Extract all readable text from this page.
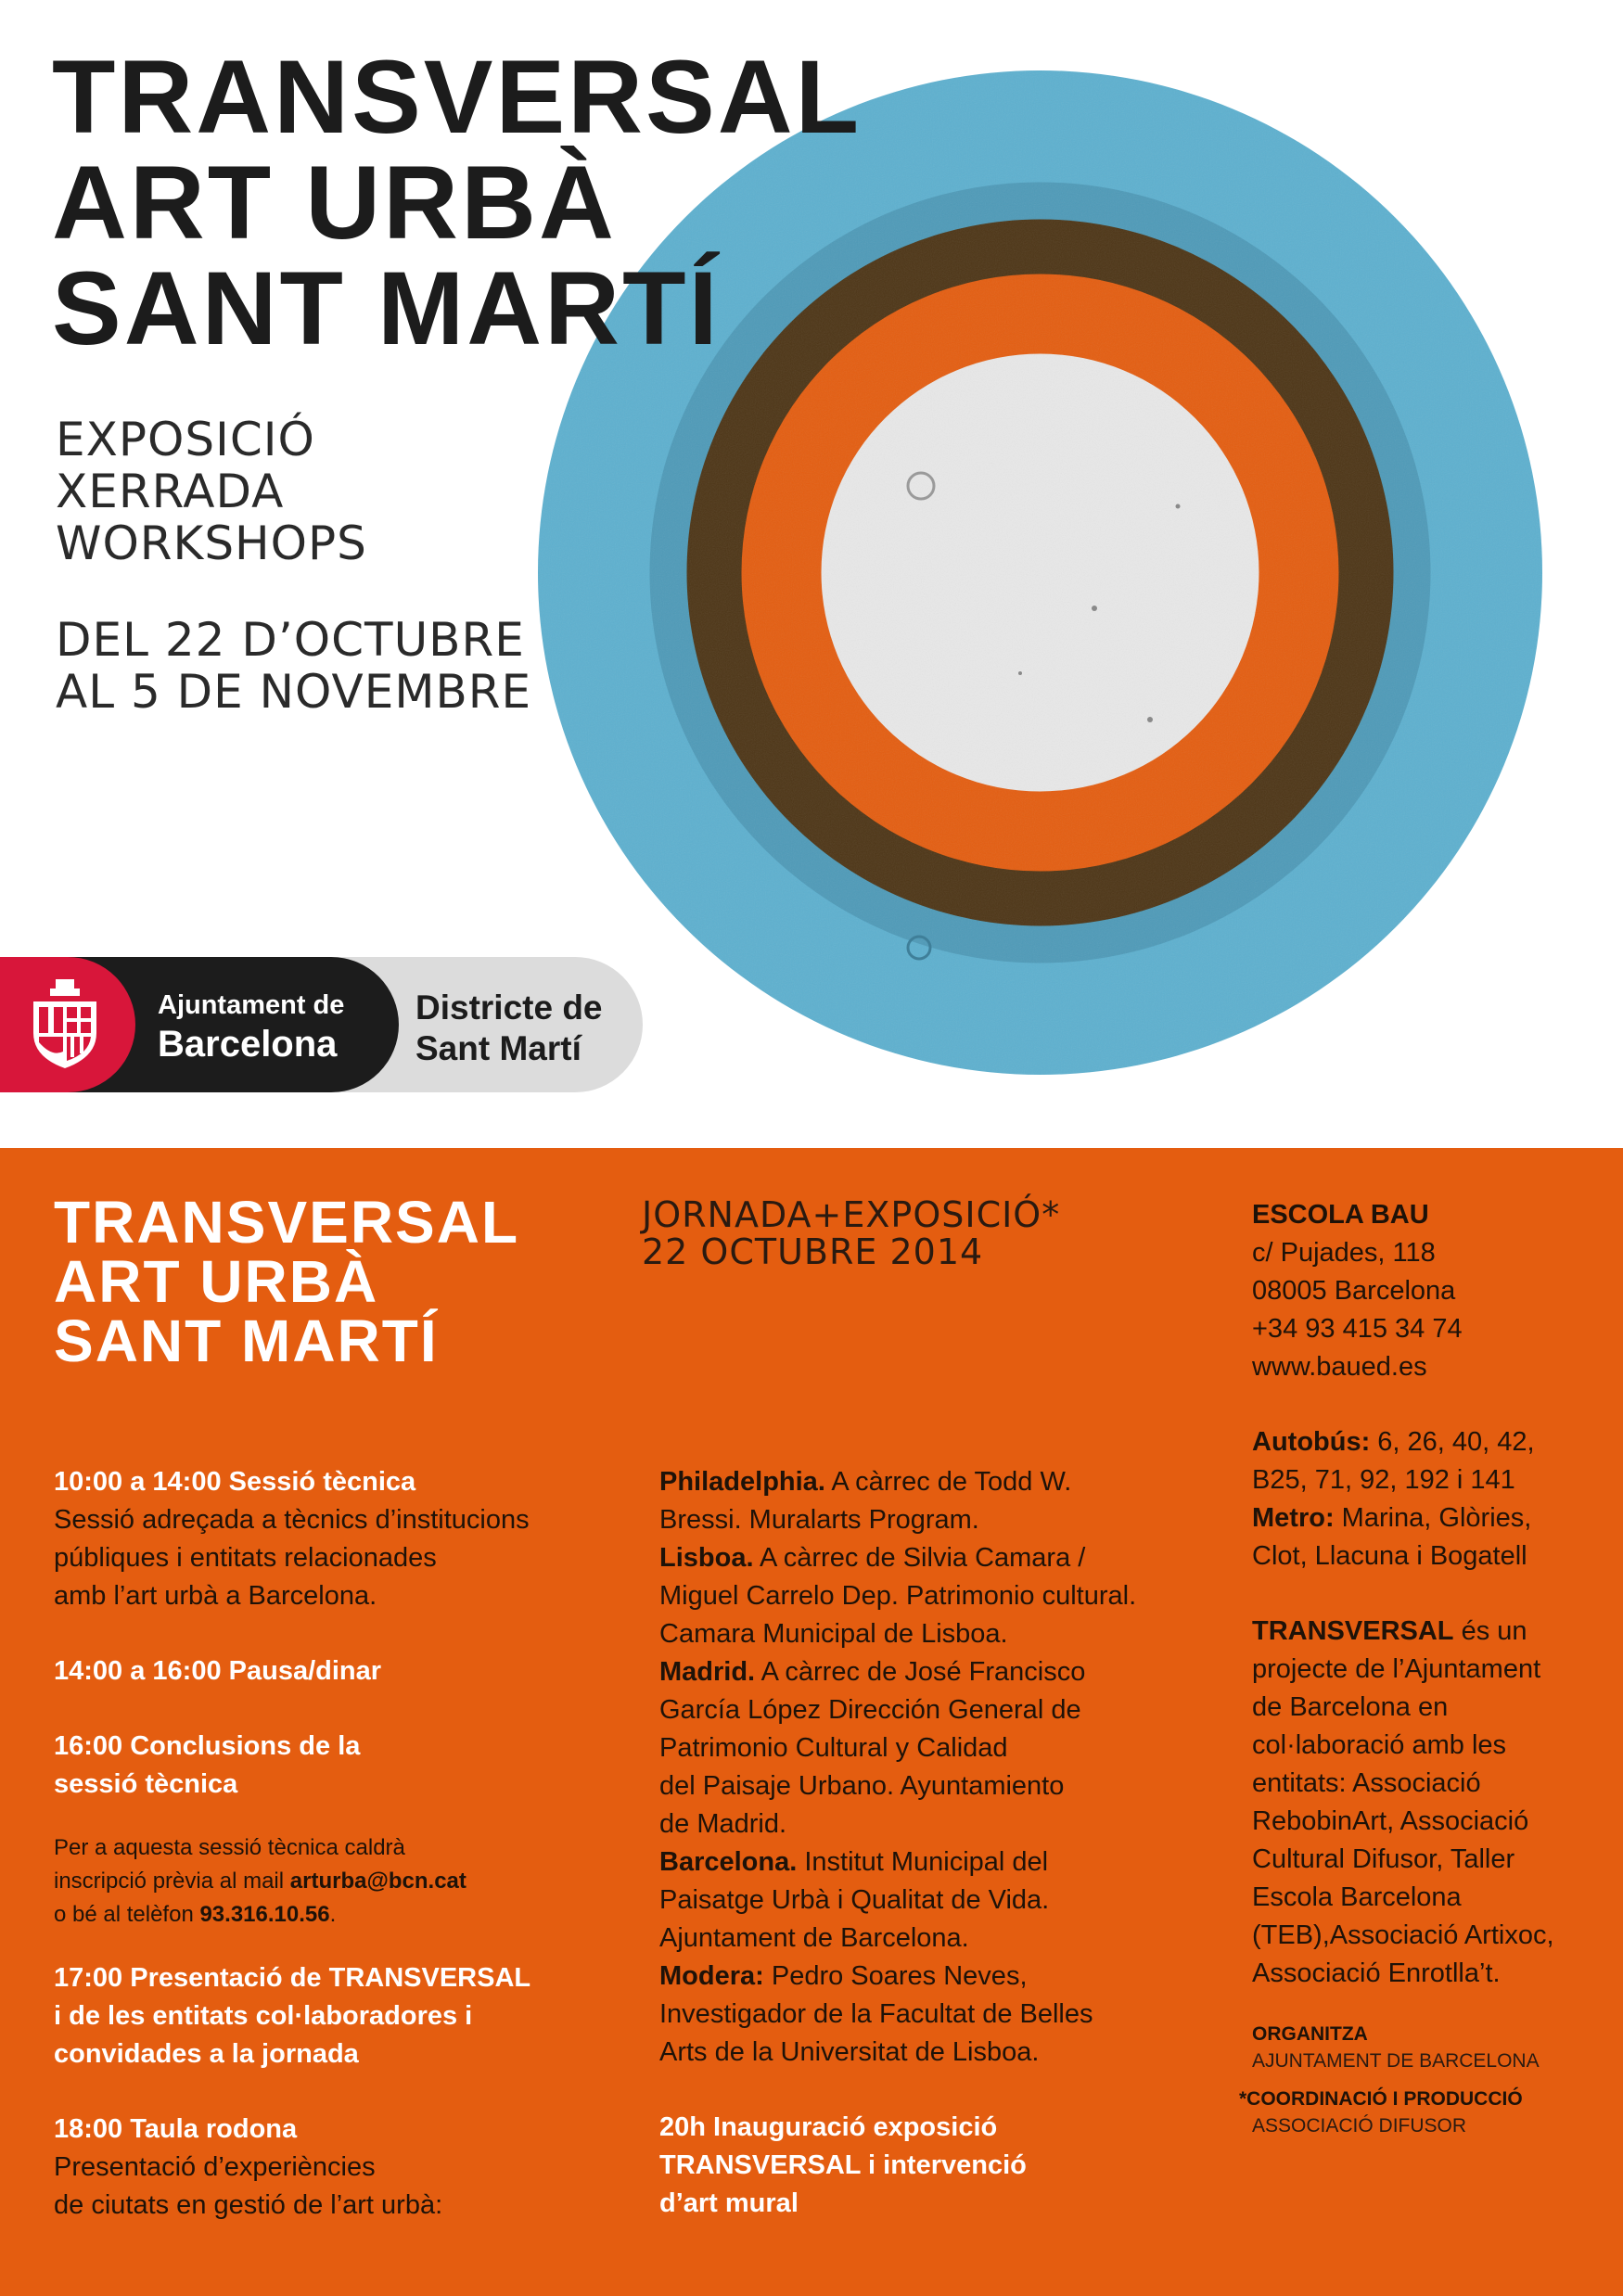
TRANSVERSAL
ART URBÀ
SANT MARTÍ
EXPOSICIÓ
XERRADA
WORKSHOPS
DEL 22 D’OCTUBRE
AL 5 DE NOVEMBRE
Ajuntament de
Barcelona
Districte de
Sant Martí
TRANSVERSAL
ART URBÀ
SANT MARTÍ
JORNADA+EXPOSICIÓ*
22 OCTUBRE 2014
10:00 a 14:00 Sessió tècnica
Sessió adreçada a tècnics d’institucions
públiques i entitats relacionades
amb l’art urbà a Barcelona.
14:00 a 16:00 Pausa/dinar
16:00 Conclusions de la
sessió tècnica
Per a aquesta sessió tècnica caldrà
inscripció prèvia al mail arturba@bcn.cat
o bé al telèfon 93.316.10.56.
17:00 Presentació de TRANSVERSAL
i de les entitats col·laboradores i
convidades a la jornada
18:00 Taula rodona
Presentació d’experiències
de ciutats en gestió de l’art urbà:
Philadelphia. A càrrec de Todd W.
Bressi. Muralarts Program.
Lisboa. A càrrec de Silvia Camara /
Miguel Carrelo Dep. Patrimonio cultural.
Camara Municipal de Lisboa.
Madrid. A càrrec de José Francisco
García López Dirección General de
Patrimonio Cultural y Calidad
del Paisaje Urbano. Ayuntamiento
de Madrid.
Barcelona. Institut Municipal del
Paisatge Urbà i Qualitat de Vida.
Ajuntament de Barcelona.
Modera: Pedro Soares Neves,
Investigador de la Facultat de Belles
Arts de la Universitat de Lisboa.
20h Inauguració exposició
TRANSVERSAL i intervenció
d’art mural
ESCOLA BAU
c/ Pujades, 118
08005 Barcelona
+34 93 415 34 74
www.baued.es
Autobús: 6, 26, 40, 42,
B25, 71, 92, 192 i 141
Metro: Marina, Glòries,
Clot, Llacuna i Bogatell
TRANSVERSAL és un
projecte de l’Ajuntament
de Barcelona en
col·laboració amb les
entitats: Associació
RebobinArt, Associació
Cultural Difusor, Taller
Escola Barcelona
(TEB),Associació Artixoc,
Associació Enrotlla’t.
ORGANITZA
AJUNTAMENT DE BARCELONA
*COORDINACIÓ I PRODUCCIÓ
ASSOCIACIÓ DIFUSOR
